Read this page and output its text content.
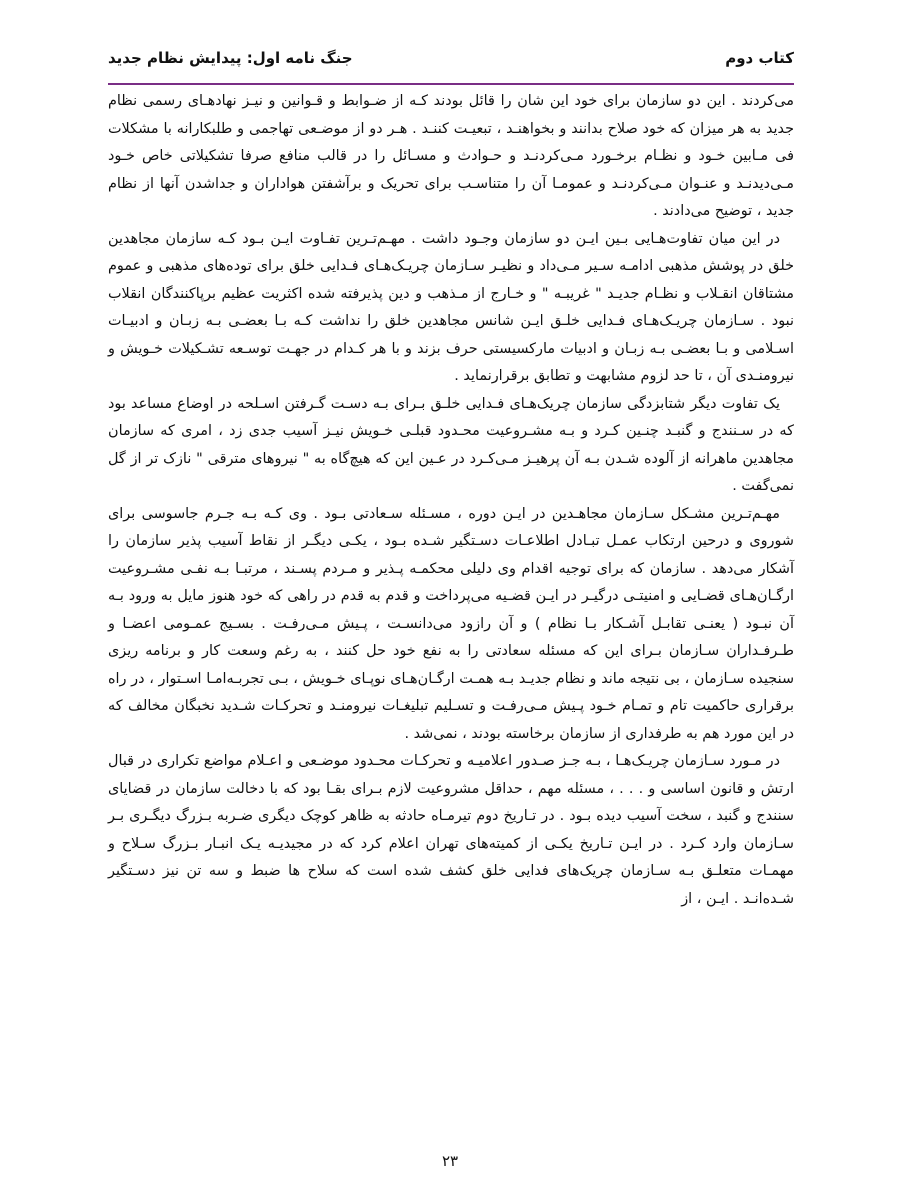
کتاب دوم
جنگ نامه اول: پیدایش نظام جدید

می‌کردند . این دو سازمان برای خود این شان را قائل بودند کـه از ضـوابط و قـوانین و نیـز نهادهـای رسمی نظام جدید به هر میزان که خود صلاح بدانند و بخواهنـد ، تبعیـت کننـد . هـر دو از موضـعی تهاجمی و طلبکارانه با مشکلات فی مـابین خـود و نظـام برخـورد مـی‌کردنـد و حـوادث و مسـائل را در قالب منافع صرفا تشکیلاتی خاص خـود مـی‌دیدنـد و عنـوان مـی‌کردنـد و عمومـا آن را متناسـب برای تحریک و برآشفتن هواداران و جداشدن آنها از نظام جدید ، توضیح می‌دادند .

در این میان تفاوت‌هـایی بـین ایـن دو سازمان وجـود داشت . مهـم‌تـرین تفـاوت ایـن بـود کـه سازمان مجاهدین خلق در پوشش مذهبی ادامـه سـیر مـی‌داد و نظیـر سـازمان چریـک‌هـای فـدایی خلق برای توده‌های مذهبی و عموم مشتاقان انقـلاب و نظـام جدیـد " غریبـه " و خـارج از مـذهب و دین پذیرفته شده اکثریت عظیم برپاکنندگان انقلاب نبود . سـازمان چریـک‌هـای فـدایی خلـق ایـن شانس مجاهدین خلق را نداشت کـه بـا بعضـی بـه زبـان و ادبیـات اسـلامی و بـا بعضـی بـه زبـان و ادبیات مارکسیستی حرف بزند و با هر کـدام در جهـت توسـعه تشـکیلات خـویش و نیرومنـدی آن ، تا حد لزوم مشابهت و تطابق برقرارنماید .

یک تفاوت دیگر شتابزدگی سازمان چریک‌هـای فـدایی خلـق بـرای بـه دسـت گـرفتن اسـلحه در اوضاع مساعد بود که در سـنندج و گنبـد چنـین کـرد و بـه مشـروعیت محـدود قبلـی خـویش نیـز آسیب جدی زد ، امری که سازمان مجاهدین ماهرانه از آلوده شـدن بـه آن پرهیـز مـی‌کـرد در عـین این که هیچ‌گاه به " نیروهای مترقی " نازک تر از گل نمی‌گفت .

مهـم‌تـرین مشـکل سـازمان مجاهـدین در ایـن دوره ، مسـئله سـعادتی بـود . وی کـه بـه جـرم جاسوسی برای شوروی و درحین ارتکاب عمـل تبـادل اطلاعـات دسـتگیر شـده بـود ، یکـی دیگـر از نقاط آسیب پذیر سازمان را آشکار می‌دهد . سازمان که برای توجیه اقدام وی دلیلی محکمـه پـذیر و مـردم پسـند ، مرتبـا بـه نفـی مشـروعیت ارگـان‌هـای قضـایی و امنیتـی درگیـر در ایـن قضـیه می‌پرداخت و قدم به قدم در راهی که خود هنوز مایل به ورود بـه آن نبـود ( یعنـی تقابـل آشـکار بـا نظام ) و آن رازود می‌دانسـت ، پـیش مـی‌رفـت . بسـیج عمـومی اعضـا و طـرفـداران سـازمان بـرای این که مسئله سعادتی را به نفع خود حل کنند ، به رغم وسعت کار و برنامه ریزی سنجیده سـازمان ، بی نتیجه ماند و نظام جدیـد بـه همـت ارگـان‌هـای نوپـای خـویش ، بـی تجربـه‌امـا اسـتوار ، در راه برقراری حاکمیت تام و تمـام خـود پـیش مـی‌رفـت و تسـلیم تبلیغـات نیرومنـد و تحرکـات شـدید نخبگان مخالف که در این مورد هم به طرفداری از سازمان برخاسته بودند ، نمی‌شد .

در مـورد سـازمان چریـک‌هـا ، بـه جـز صـدور اعلامیـه و تحرکـات محـدود موضـعی و اعـلام مواضع تکراری در قبال ارتش و قانون اساسی و . . . ، مسئله مهم ، حداقل مشروعیت لازم بـرای بقـا بود که با دخالت سازمان در قضایای سنندج و گنبد ، سخت آسیب دیده بـود . در تـاریخ دوم تیرمـاه حادثه به ظاهر کوچک دیگری ضـربه بـزرگ دیگـری بـر سـازمان وارد کـرد . در ایـن تـاریخ یکـی از کمیته‌های تهران اعلام کرد که در مجیدیـه یـک انبـار بـزرگ سـلاح و مهمـات متعلـق بـه سـازمان چریک‌های فدایی خلق کشف شده است که سلاح ها ضبط و سه تن نیز دسـتگیر شـده‌انـد . ایـن ، از

۲۳
